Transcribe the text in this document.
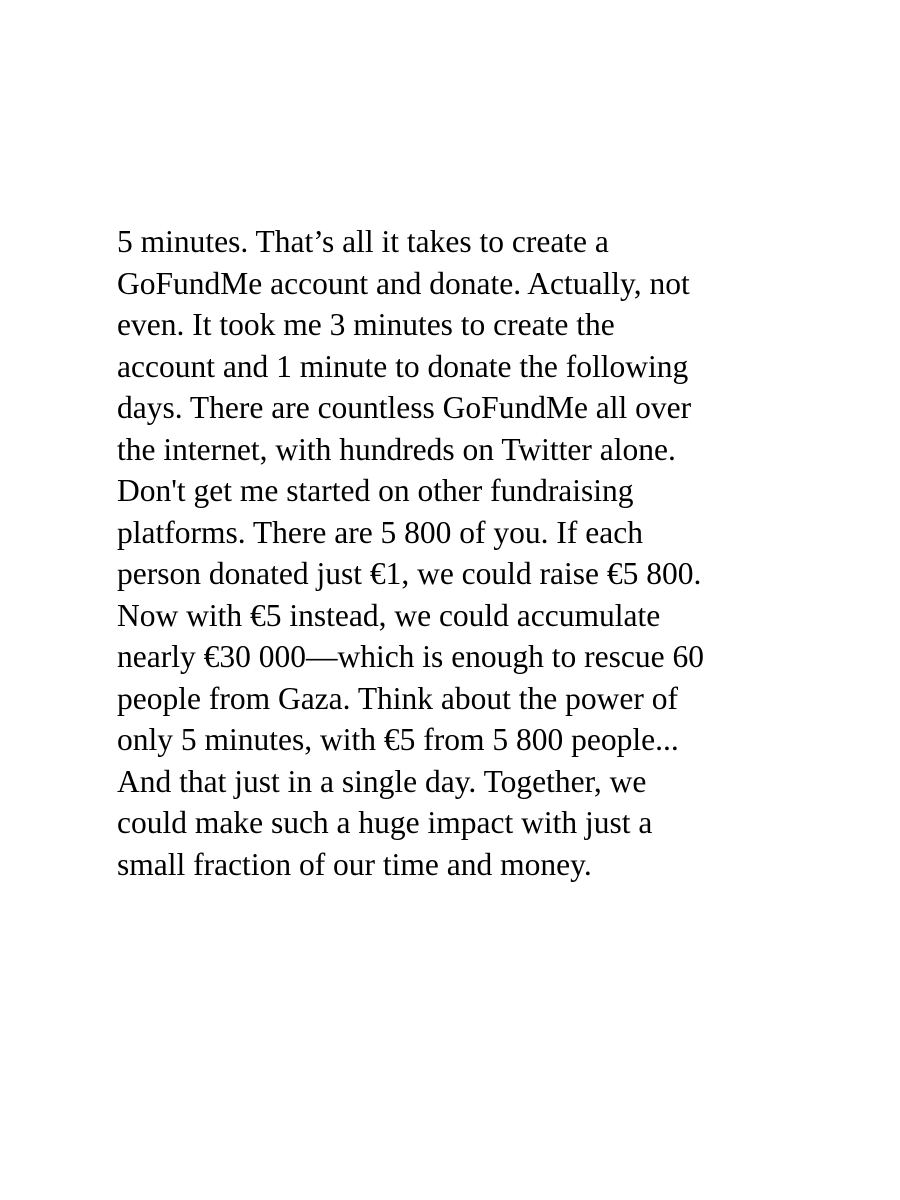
5 minutes. That’s all it takes to create a
GoFundMe account and donate. Actually, not
even. It took me 3 minutes to create the
account and 1 minute to donate the following
days. There are countless GoFundMe all over
the internet, with hundreds on Twitter alone.
Don't get me started on other fundraising
platforms. There are 5 800 of you. If each
person donated just €1, we could raise €5 800.
Now with €5 instead, we could accumulate
nearly €30 000—which is enough to rescue 60
people from Gaza. Think about the power of
only 5 minutes, with €5 from 5 800 people...
And that just in a single day. Together, we
could make such a huge impact with just a
small fraction of our time and money.
